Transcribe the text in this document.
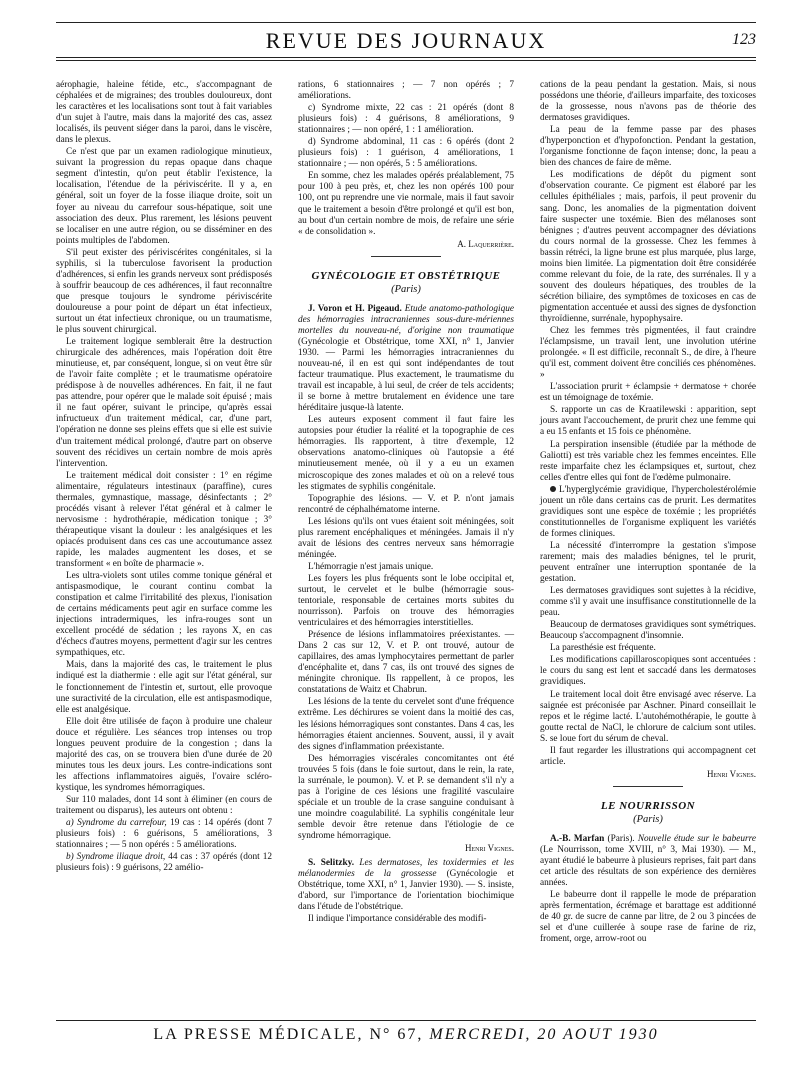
REVUE DES JOURNAUX	123

aérophagie, haleine fétide, etc., s'accompagnant de céphalées et de migraines; des troubles douloureux, dont les caractères et les localisations sont tout à fait variables d'un sujet à l'autre, mais dans la majorité des cas, assez localisés, ils peuvent siéger dans la paroi, dans le viscère, dans le plexus.

Ce n'est que par un examen radiologique minutieux, suivant la progression du repas opaque dans chaque segment d'intestin, qu'on peut établir l'existence, la localisation, l'étendue de la périviscérite. Il y a, en général, soit un foyer de la fosse iliaque droite, soit un foyer au niveau du carrefour sous-hépatique, soit une association des deux. Plus rarement, les lésions peuvent se localiser en une autre région, ou se disséminer en des points multiples de l'abdomen.

S'il peut exister des périviscérites congénitales, si la syphilis, si la tuberculose favorisent la production d'adhérences, si enfin les grands nerveux sont prédisposés à souffrir beaucoup de ces adhérences, il faut reconnaître que presque toujours le syndrome périviscérite douloureuse a pour point de départ un état infectieux, surtout un état infectieux chronique, ou un traumatisme, le plus souvent chirurgical.

Le traitement logique semblerait être la destruction chirurgicale des adhérences, mais l'opération doit être minutieuse, et, par conséquent, longue, si on veut être sûr de l'avoir faite complète ; et le traumatisme opératoire prédispose à de nouvelles adhérences. En fait, il ne faut pas attendre, pour opérer que le malade soit épuisé ; mais il ne faut opérer, suivant le principe, qu'après essai infructueux d'un traitement médical, car, d'une part, l'opération ne donne ses pleins effets que si elle est suivie d'un traitement médical prolongé, d'autre part on observe souvent des récidives un certain nombre de mois après l'intervention.

Le traitement médical doit consister : 1° en régime alimentaire, régulateurs intestinaux (paraffine), cures thermales, gymnastique, massage, désinfectants ; 2° procédés visant à relever l'état général et à calmer le nervosisme : hydrothérapie, médication tonique ; 3° thérapeutique visant la douleur : les analgésiques et les opiacés produisent dans ces cas une accoutumance assez rapide, les malades augmentent les doses, et se transforment « en boîte de pharmacie ».

Les ultra-violets sont utiles comme tonique général et antispasmodique, le courant continu combat la constipation et calme l'irritabilité des plexus, l'ionisation de certains médicaments peut agir en surface comme les injections intradermiques, les infra-rouges sont un excellent procédé de sédation ; les rayons X, en cas d'échecs d'autres moyens, permettent d'agir sur les centres sympathiques, etc.

Mais, dans la majorité des cas, le traitement le plus indiqué est la diathermie : elle agit sur l'état général, sur le fonctionnement de l'intestin et, surtout, elle provoque une suractivité de la circulation, elle est antispasmodique, elle est analgésique.

Elle doit être utilisée de façon à produire une chaleur douce et régulière. Les séances trop intenses ou trop longues peuvent produire de la congestion ; dans la majorité des cas, on se trouvera bien d'une durée de 20 minutes tous les deux jours. Les contre-indications sont les affections inflammatoires aiguës, l'ovaire scléro-kystique, les syndromes hémorragiques.

Sur 110 malades, dont 14 sont à éliminer (en cours de traitement ou disparus), les auteurs ont obtenu :

a) Syndrome du carrefour, 19 cas : 14 opérés (dont 7 plusieurs fois) : 6 guérisons, 5 améliorations, 3 stationnaires ; — 5 non opérés : 5 améliorations.

b) Syndrome iliaque droit, 44 cas : 37 opérés (dont 12 plusieurs fois) : 9 guérisons, 22 amélio-

rations, 6 stationnaires ; — 7 non opérés ; 7 améliorations.

c) Syndrome mixte, 22 cas : 21 opérés (dont 8 plusieurs fois) : 4 guérisons, 8 améliorations, 9 stationnaires ; — non opéré, 1 : 1 amélioration.

d) Syndrome abdominal, 11 cas : 6 opérés (dont 2 plusieurs fois) : 1 guérison, 4 améliorations, 1 stationnaire ; — non opérés, 5 : 5 améliorations.

En somme, chez les malades opérés préalablement, 75 pour 100 à peu près, et, chez les non opérés 100 pour 100, ont pu reprendre une vie normale, mais il faut savoir que le traitement a besoin d'être prolongé et qu'il est bon, au bout d'un certain nombre de mois, de refaire une série « de consolidation ».

A. Laquerrière.

GYNÉCOLOGIE ET OBSTÉTRIQUE

(Paris)

J. Voron et H. Pigeaud. Etude anatomo-pathologique des hémorragies intracraniennes sous-dure-mériennes mortelles du nouveau-né, d'origine non traumatique (Gynécologie et Obstétrique, tome XXI, n° 1, Janvier 1930. — Parmi les hémorragies intracraniennes du nouveau-né, il en est qui sont indépendantes de tout facteur traumatique. Plus exactement, le traumatisme du travail est incapable, à lui seul, de créer de tels accidents; il se borne à mettre brutalement en évidence une tare héréditaire jusque-là latente.

Les auteurs exposent comment il faut faire les autopsies pour étudier la réalité et la topographie de ces hémorragies. Ils rapportent, à titre d'exemple, 12 observations anatomo-cliniques où l'autopsie a été minutieusement menée, où il y a eu un examen microscopique des zones malades et où on a relevé tous les stigmates de syphilis congénitale.

Topographie des lésions. — V. et P. n'ont jamais rencontré de céphalhématome interne.

Les lésions qu'ils ont vues étaient soit méningées, soit plus rarement encéphaliques et méningées. Jamais il n'y avait de lésions des centres nerveux sans hémorragie méningée.

L'hémorragie n'est jamais unique.

Les foyers les plus fréquents sont le lobe occipital et, surtout, le cervelet et le bulbe (hémorragie sous-tentoriale, responsable de certaines morts subites du nourrisson). Parfois on trouve des hémorragies ventriculaires et des hémorragies interstitielles.

Présence de lésions inflammatoires préexistantes. — Dans 2 cas sur 12, V. et P. ont trouvé, autour de capillaires, des amas lymphocytaires permettant de parler d'encéphalite et, dans 7 cas, ils ont trouvé des signes de méningite chronique. Ils rappellent, à ce propos, les constatations de Waitz et Chabrun.

Les lésions de la tente du cervelet sont d'une fréquence extrême. Les déchirures se voient dans la moitié des cas, les lésions hémorragiques sont constantes. Dans 4 cas, les hémorragies étaient anciennes. Souvent, aussi, il y avait des signes d'inflammation préexistante.

Des hémorragies viscérales concomitantes ont été trouvées 5 fois (dans le foie surtout, dans le rein, la rate, la surrénale, le poumon). V. et P. se demandent s'il n'y a pas à l'origine de ces lésions une fragilité vasculaire spéciale et un trouble de la crase sanguine conduisant à une moindre coagulabilité. La syphilis congénitale leur semble devoir être retenue dans l'étiologie de ce syndrome hémorragique.

Henri Vignes.

S. Selitzky. Les dermatoses, les toxidermies et les mélanodermies de la grossesse (Gynécologie et Obstétrique, tome XXI, n° 1, Janvier 1930). — S. insiste, d'abord, sur l'importance de l'orientation biochimique dans l'étude de l'obstétrique.

Il indique l'importance considérable des modifi-

cations de la peau pendant la gestation. Mais, si nous possédons une théorie, d'ailleurs imparfaite, des toxicoses de la grossesse, nous n'avons pas de théorie des dermatoses gravidiques.

La peau de la femme passe par des phases d'hyperponction et d'hypofonction. Pendant la gestation, l'organisme fonctionne de façon intense; donc, la peau a bien des chances de faire de même.

Les modifications de dépôt du pigment sont d'observation courante. Ce pigment est élaboré par les cellules épithéliales ; mais, parfois, il peut provenir du sang. Donc, les anomalies de la pigmentation doivent faire suspecter une toxémie. Bien des mélanoses sont bénignes ; d'autres peuvent accompagner des déviations du cours normal de la grossesse. Chez les femmes à bassin rétréci, la ligne brune est plus marquée, plus large, moins bien limitée. La pigmentation doit être considérée comme relevant du foie, de la rate, des surrénales. Il y a souvent des douleurs hépatiques, des troubles de la sécrétion biliaire, des symptômes de toxicoses en cas de pigmentation accentuée et aussi des signes de dysfonction thyroïdienne, surrénale, hypophysaire.

Chez les femmes très pigmentées, il faut craindre l'éclampsisme, un travail lent, une involution utérine prolongée. « Il est difficile, reconnaît S., de dire, à l'heure qu'il est, comment doivent être conciliés ces phénomènes. »

L'association prurit + éclampsie + dermatose + chorée est un témoignage de toxémie.

S. rapporte un cas de Kraatilewski : apparition, sept jours avant l'accouchement, de prurit chez une femme qui a eu 15 enfants et 15 fois ce phénomène.

La perspiration insensible (étudiée par la méthode de Galiotti) est très variable chez les femmes enceintes. Elle reste imparfaite chez les éclampsiques et, surtout, chez celles d'entre elles qui font de l'œdème pulmonaire.

L'hyperglycémie gravidique, l'hypercholestérolémie jouent un rôle dans certains cas de prurit. Les dermatites gravidiques sont une espèce de toxémie ; les propriétés constitutionnelles de l'organisme expliquent les variétés de formes cliniques.

La nécessité d'interrompre la gestation s'impose rarement; mais des maladies bénignes, tel le prurit, peuvent entraîner une interruption spontanée de la gestation.

Les dermatoses gravidiques sont sujettes à la récidive, comme s'il y avait une insuffisance constitutionnelle de la peau.

Beaucoup de dermatoses gravidiques sont symétriques. Beaucoup s'accompagnent d'insomnie.

La paresthésie est fréquente.

Les modifications capillaroscopiques sont accentuées : le cours du sang est lent et saccadé dans les dermatoses gravidiques.

Le traitement local doit être envisagé avec réserve. La saignée est préconisée par Aschner. Pinard conseillait le repos et le régime lacté. L'autohémothérapie, le goutte à goutte rectal de NaCl, le chlorure de calcium sont utiles. S. se loue fort du sérum de cheval.

Il faut regarder les illustrations qui accompagnent cet article.

Henri Vignes.

LE NOURRISSON

(Paris)

A.-B. Marfan (Paris). Nouvelle étude sur le babeurre (Le Nourrisson, tome XVIII, n° 3, Mai 1930). — M., ayant étudié le babeurre à plusieurs reprises, fait part dans cet article des résultats de son expérience des dernières années.

Le babeurre dont il rappelle le mode de préparation après fermentation, écrémage et barattage est additionné de 40 gr. de sucre de canne par litre, de 2 ou 3 pincées de sel et d'une cuillerée à soupe rase de farine de riz, froment, orge, arrow-root ou

LA PRESSE MÉDICALE, N° 67, MERCREDI, 20 AOUT 1930
